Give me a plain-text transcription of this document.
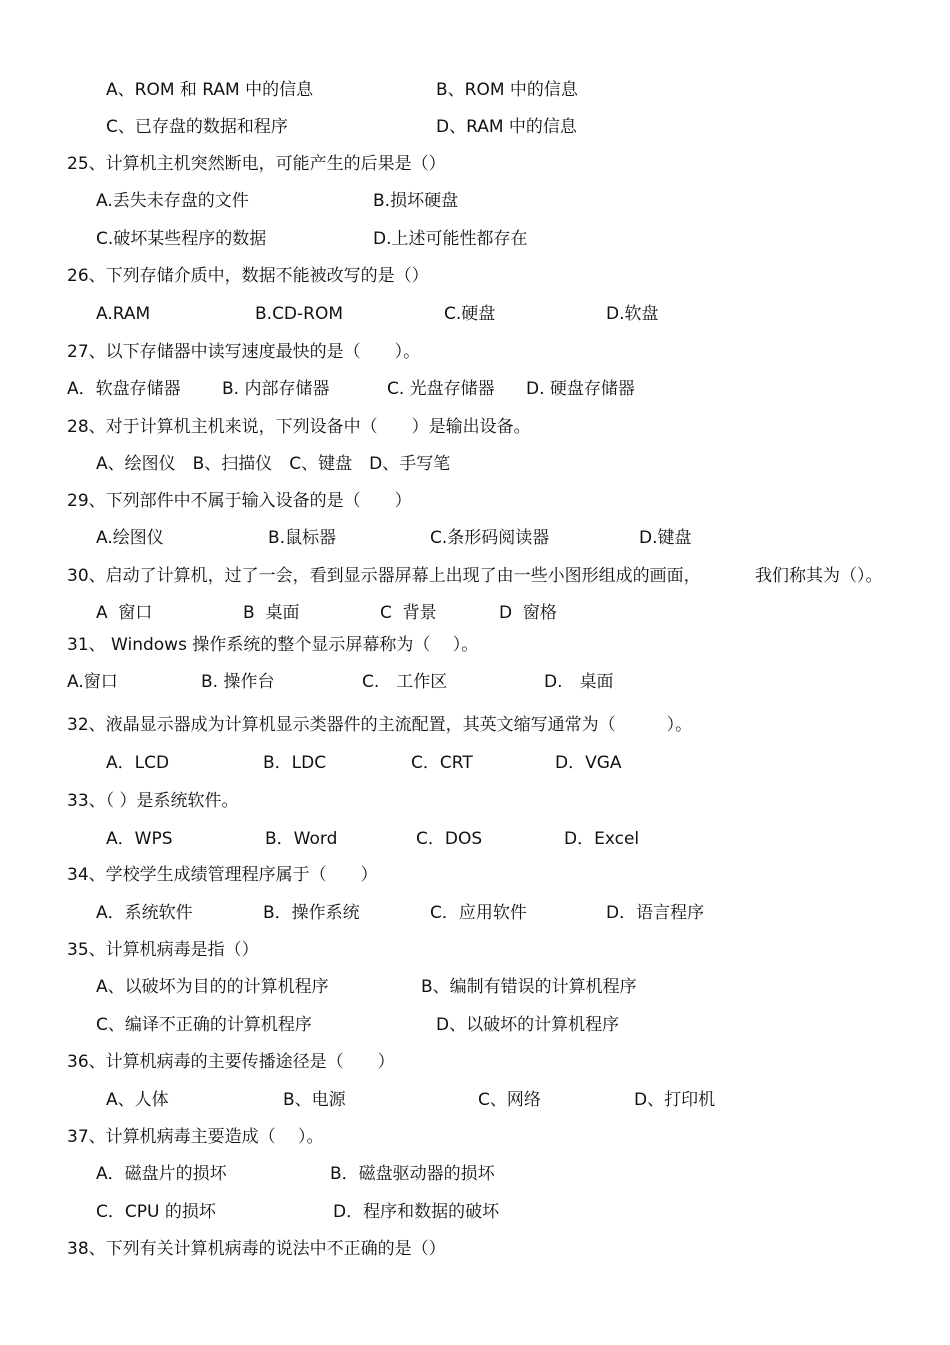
A、ROM 和 RAM 中的信息	B、ROM 中的信息
C、已存盘的数据和程序	D、RAM 中的信息
25、计算机主机突然断电，可能产生的后果是（）
A.丢失未存盘的文件	B.损坏硬盘
C.破坏某些程序的数据	D.上述可能性都存在
26、下列存储介质中，数据不能被改写的是（）
A.RAM	B.CD-ROM	C.硬盘	D.软盘
27、以下存储器中读写速度最快的是（　　）。
A．软盘存储器 B. 内部存储器	C. 光盘存储器 D. 硬盘存储器
28、对于计算机主机来说，下列设备中（　　）是输出设备。
A、绘图仪　B、扫描仪　C、键盘　D、手写笔
29、下列部件中不属于输入设备的是（　　）
A.绘图仪	B.鼠标器	C.条形码阅读器	D.键盘
30、启动了计算机，过了一会，看到显示器屏幕上出现了由一些小图形组成的画面，	我们称其为（）。
A  窗口	B  桌面	C  背景	D  窗格
31、 Windows 操作系统的整个显示屏幕称为（　 ）。
A.窗口	B. 操作台	C.　工作区	D.　桌面
32、液晶显示器成为计算机显示类器件的主流配置，其英文缩写通常为（　　　）。
A．LCD	B．LDC	C．CRT	D．VGA
33、（ ）是系统软件。
A．WPS	B．Word	C．DOS	D．Excel
34、学校学生成绩管理程序属于（　　）
A．系统软件	B．操作系统	C．应用软件	D．语言程序
35、计算机病毒是指（）
A、以破坏为目的的计算机程序	B、编制有错误的计算机程序
C、编译不正确的计算机程序	D、以破坏的计算机程序
36、计算机病毒的主要传播途径是（　　）
A、人体	B、电源	C、网络	D、打印机
37、计算机病毒主要造成（　 ）。
A．磁盘片的损坏	B．磁盘驱动器的损坏
C．CPU 的损坏	D．程序和数据的破坏
38、下列有关计算机病毒的说法中不正确的是（）
